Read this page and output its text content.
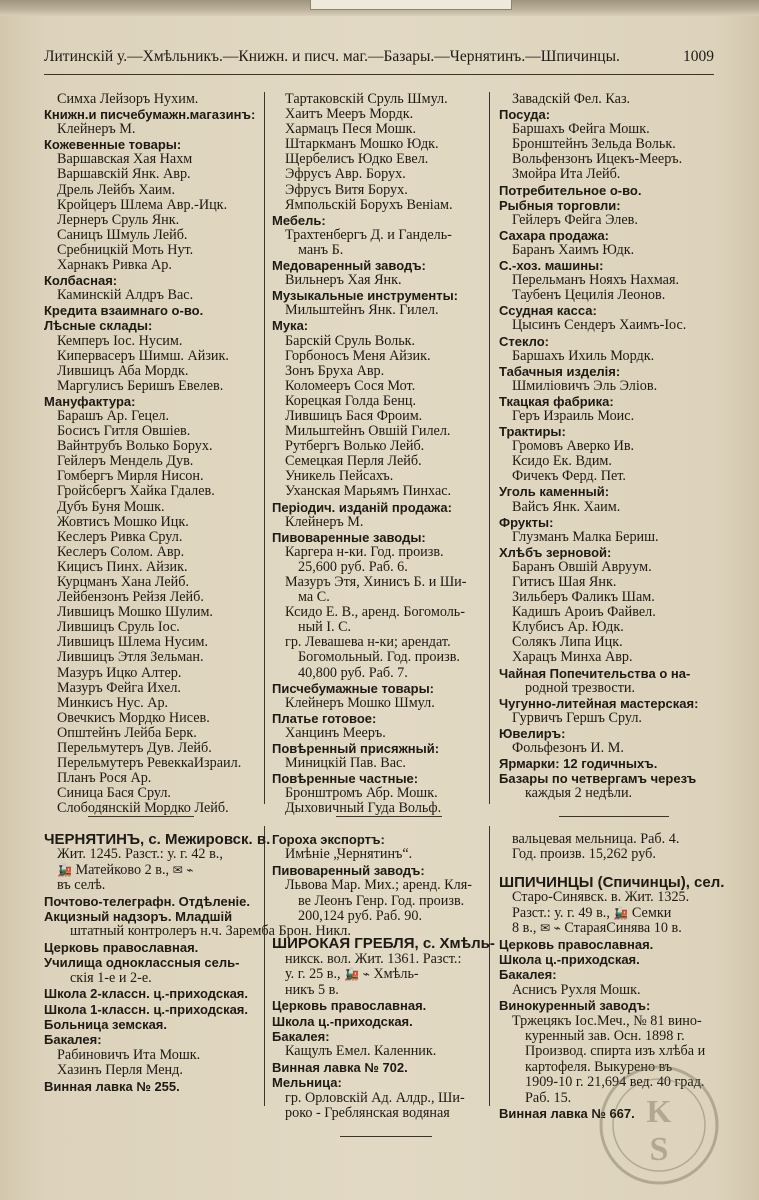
Литинскій у.—Хмѣльникъ.—Книжн. и писч. маг.—Базары.—Чернятинъ.—Шпичинцы.	1009
Симха Лейзоръ Нухим.
Книжн.и писчебумажн.магазинъ:
Клейнеръ М.
Кожевенные товары:
Варшавская Хая Нахм
Варшавскій Янк. Авр.
Дрель Лейбъ Хаим.
Кройцеръ Шлема Авр.-Ицк.
Лернеръ Сруль Янк.
Саницъ Шмуль Лейб.
Сребницкій Моть Нут.
Харнакъ Ривка Ар.
Колбасная:
Каминскій Алдръ Вас.
Кредита взаимнаго о-во.
Лѣсные склады:
Кемперъ Іос. Нусим.
Кипервасеръ Шимш. Айзик.
Лившицъ Аба Мордк.
Маргулисъ Беришъ Евелев.
Мануфактура:
Барашъ Ар. Гецел.
Босисъ Гитля Овшіев.
Вайнтрубъ Волько Борух.
Гейлеръ Мендель Дув.
Гомбергъ Мирля Нисон.
Гройсбергъ Хайка Гдалев.
Дубъ Буня Мошк.
Жовтисъ Мошко Ицк.
Кеслеръ Ривка Срул.
Кеслеръ Солом. Авр.
Кицисъ Пинх. Айзик.
Курцманъ Хана Лейб.
Лейбензонъ Рейзя Лейб.
Лившицъ Мошко Шулим.
Лившицъ Сруль Іос.
Лившицъ Шлема Нусим.
Лившицъ Этля Зельман.
Мазуръ Ицко Алтер.
Мазуръ Фейга Ихел.
Минкисъ Нус. Ар.
Овечкисъ Мордко Нисев.
Општейнъ Лейба Берк.
Перельмутеръ Дув. Лейб.
Перельмутеръ РевеккаИзраил.
Планъ Рося Ар.
Синица Бася Срул.
Слободянскій Мордко Лейб.
Тартаковскій Сруль Шмул.
Хаитъ Мееръ Мордк.
Хармацъ Песя Мошк.
Штаркманъ Мошко Юдк.
Щербелисъ Юдко Евел.
Эфрусъ Авр. Борух.
Эфрусъ Витя Борух.
Ямпольскій Борухъ Веніам.
Мебель:
Трахтенбергъ Д. и Гандель-
манъ Б.
Медоваренный заводъ:
Вильнеръ Хая Янк.
Музыкальные инструменты:
Мильштейнъ Янк. Гилел.
Мука:
Барскій Сруль Вольк.
Горбоносъ Меня Айзик.
Зонъ Бруха Авр.
Коломееръ Сося Мот.
Корецкая Голда Бенц.
Лившицъ Бася Фроим.
Мильштейнъ Овшій Гилел.
Рутбергъ Волько Лейб.
Семецкая Перля Лейб.
Уникель Пейсахъ.
Уханская Марьямъ Пинхас.
Періодич. изданій продажа:
Клейнеръ М.
Пивоваренные заводы:
Каргера н-ки. Год. произв.
25,600 руб. Раб. 6.
Мазуръ Этя, Хинисъ Б. и Ши-
ма С.
Ксидо Е. В., аренд. Богомоль-
ный І. С.
гр. Левашева н-ки; арендат.
Богомольный. Год. произв.
40,800 руб. Раб. 7.
Писчебумажные товары:
Клейнеръ Мошко Шмул.
Платье готовое:
Ханцинъ Мееръ.
Повѣренный присяжный:
Миницкій Пав. Вас.
Повѣренные частные:
Бронштромъ Абр. Мошк.
Дыховичный Гуда Вольф.
Завадскій Фел. Каз.
Посуда:
Баршахъ Фейга Мошк.
Бронштейнъ Зельда Вольк.
Вольфензонъ Ицекъ-Мееръ.
Змойра Ита Лейб.
Потребительное о-во.
Рыбныя торговли:
Гейлеръ Фейга Элев.
Сахара продажа:
Баранъ Хаимъ Юдк.
С.-хоз. машины:
Перельманъ Нояхъ Нахмая.
Таубенъ Цецилія Леонов.
Ссудная касса:
Цысинъ Сендеръ Хаимъ-Іос.
Стекло:
Баршахъ Ихиль Мордк.
Табачныя изделія:
Шмиліовичъ Эль Эліов.
Ткацкая фабрика:
Геръ Израиль Моис.
Трактиры:
Громовъ Аверко Ив.
Ксидо Ек. Вдим.
Фичекъ Ферд. Пет.
Уголь каменный:
Вайсъ Янк. Хаим.
Фрукты:
Глузманъ Малка Бериш.
Хлѣбъ зерновой:
Баранъ Овшій Авруум.
Гитисъ Шая Янк.
Зильберъ Фаликъ Шам.
Кадишъ Ароиъ Файвел.
Клубисъ Ар. Юдк.
Солякъ Липа Ицк.
Харацъ Минха Авр.
Чайная Попечительства о на-
родной трезвости.
Чугунно-литейная мастерская:
Гурвичъ Гершъ Срул.
Ювелиръ:
Фольфезонъ И. М.
Ярмарки: 12 годичныхъ.
Базары по четвергамъ черезъ
каждыя 2 недѣли.
ЧЕРНЯТИНЪ, с. Межировск. в.
Жит. 1245. Разст.: у. г. 42 в.,
🚂 Матейково 2 в., ✉ ⌁
въ селѣ.
Почтово-телеграфн. Отдѣленіе.
Акцизный надзоръ. Младшій
штатный контролеръ н.ч. Заремба Брон. Никл.
Церковь православная.
Училища одноклассныя сель-
скія 1-е и 2-е.
Школа 2-класcн. ц.-приходская.
Школа 1-класcн. ц.-приходская.
Больница земская.
Бакалея:
Рабиновичъ Ита Мошк.
Хазинъ Перля Менд.
Винная лавка № 255.
Гороха экспортъ:
Имѣніе „Чернятинъ“.
Пивоваренный заводъ:
Львова Мар. Мих.; аренд. Кля-
ве Леонъ Генр. Год. произв.
200,124 руб. Раб. 90.
ШИРОКАЯ ГРЕБЛЯ, с. Хмѣль-
никск. вол. Жит. 1361. Разст.:
у. г. 25 в., 🚂 ⌁ Хмѣль-
никъ 5 в.
Церковь православная.
Школа ц.-приходская.
Бакалея:
Кащулъ Емел. Каленник.
Винная лавка № 702.
Мельница:
гр. Орловскій Ад. Алдр., Ши-
роко - Греблянская водяная
вальцевая мельница. Раб. 4.
Год. произв. 15,262 руб.
ШПИЧИНЦЫ (Спичинцы), сел.
Старо-Синявск. в. Жит. 1325.
Разст.: у. г. 49 в., 🚂 Семки
8 в., ✉ ⌁ СтараяСинява 10 в.
Церковь православная.
Школа ц.-приходская.
Бакалея:
Аснисъ Рухля Мошк.
Винокуренный заводъ:
Тржецякъ Іос.Меч., № 81 вино-
куренный зав. Осн. 1898 г.
Производ. спирта изъ хлѣба и
картофеля. Выкурено въ
1909-10 г. 21,694 вед. 40 град.
Раб. 15.
Винная лавка № 667. K
S
